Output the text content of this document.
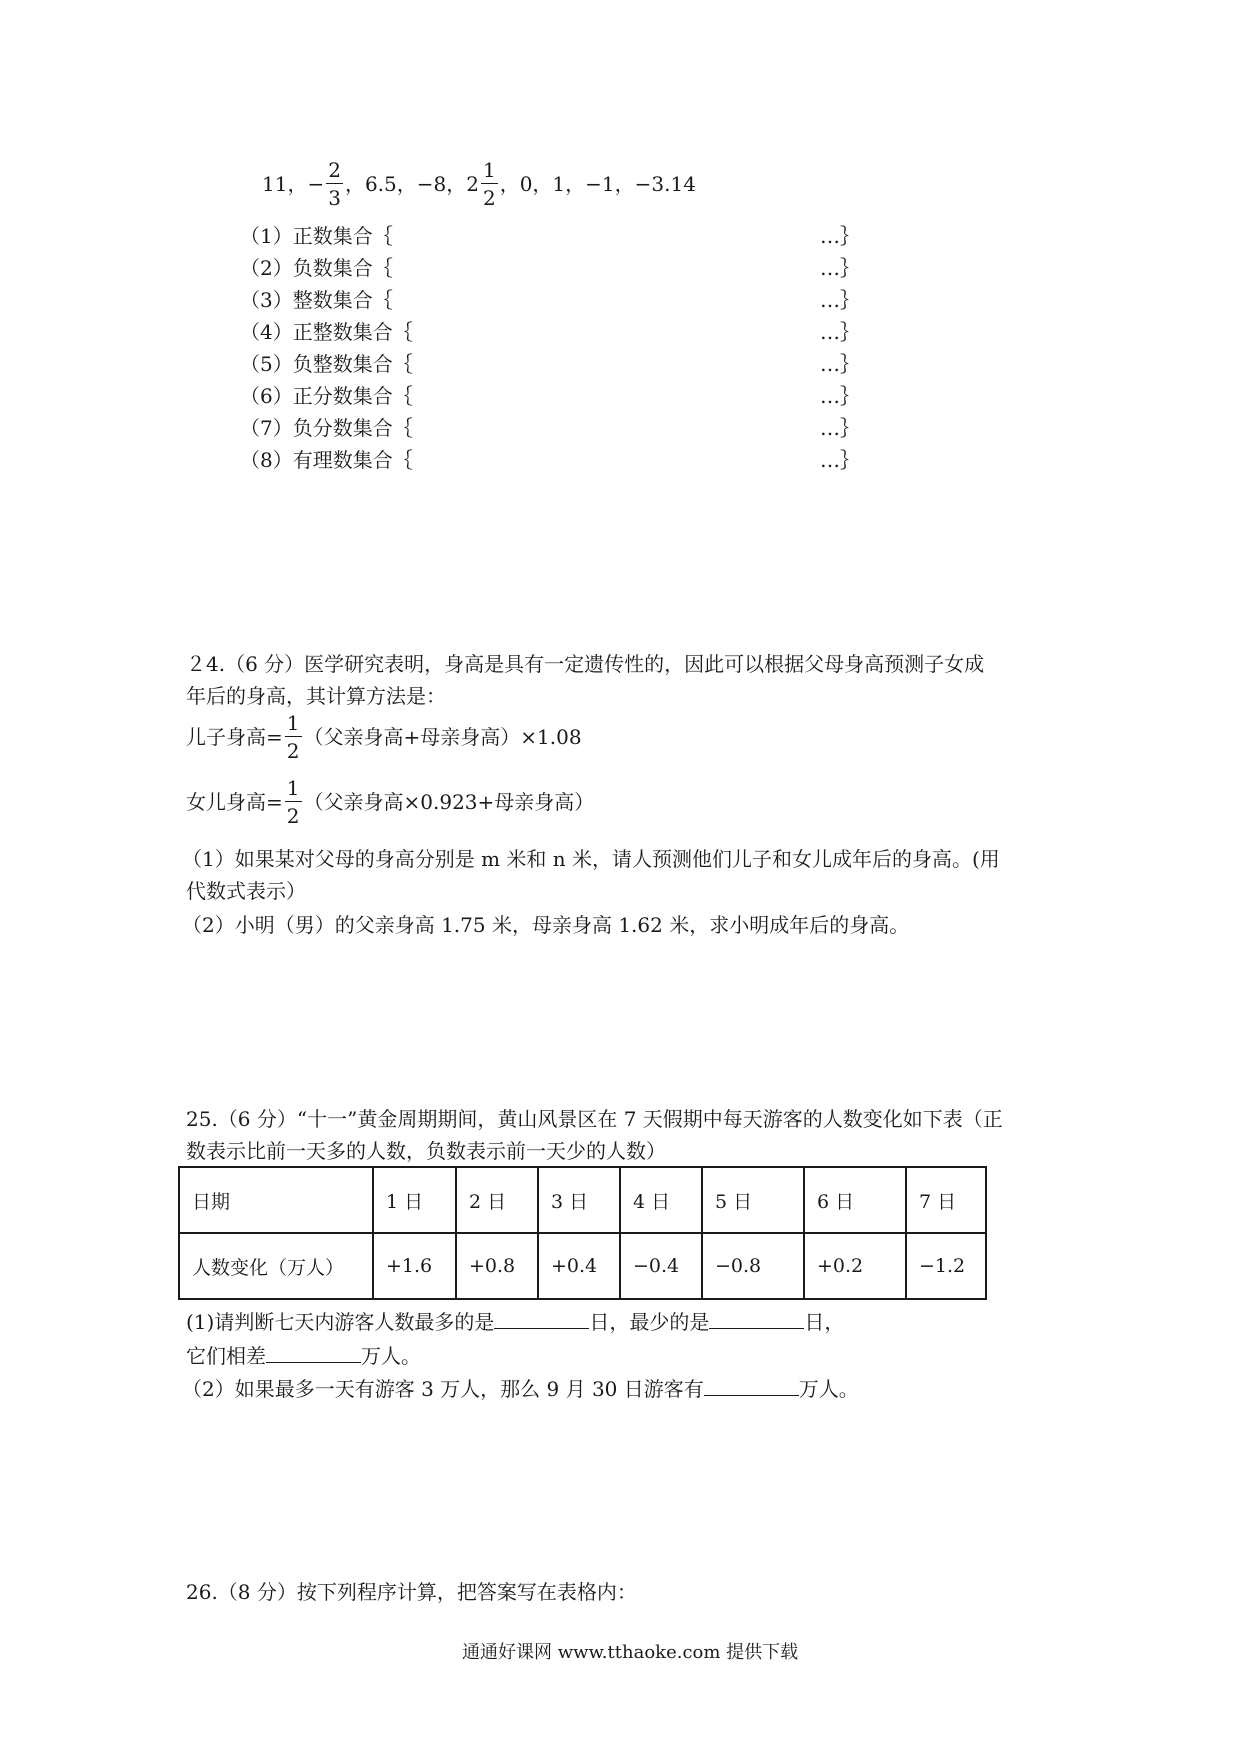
11，− $\frac{2}{3}$ ，6.5，−8，$2 \frac{1}{2}$ ，0，1，−1，−3.14
（1）正数集合｛	…｝
（2）负数集合｛	…｝
（3）整数集合｛	…｝
（4）正整数集合｛	…｝
（5）负整数集合｛	…｝
（6）正分数集合｛	…｝
（7）负分数集合｛	…｝
（8）有理数集合｛	…｝
２4.（6 分）医学研究表明，身高是具有一定遗传性的，因此可以根据父母身高预测子女成
年后的身高，其计算方法是：
儿子身高= $\frac{1}{2}$ （父亲身高+母亲身高）×1.08
女儿身高= $\frac{1}{2}$ （父亲身高×0.923+母亲身高）
（1）如果某对父母的身高分别是 m 米和 n 米，请人预测他们儿子和女儿成年后的身高。(用
代数式表示）
（2）小明（男）的父亲身高 1.75 米，母亲身高 1.62 米，求小明成年后的身高。
25.（6 分）“十一”黄金周期期间，黄山风景区在 7 天假期中每天游客的人数变化如下表（正
数表示比前一天多的人数，负数表示前一天少的人数）
日期	1 日	2 日	3 日	4 日	5 日	6 日	7 日
人数变化（万人）	+1.6	+0.8	+0.4	−0.4	−0.8	+0.2	−1.2
(1)请判断七天内游客人数最多的是	日，最少的是	日，
它们相差	万人。
（2）如果最多一天有游客 3 万人，那么 9 月 30 日游客有	万人。
26.（8 分）按下列程序计算，把答案写在表格内：
通通好课网 www.tthaoke.com 提供下载
